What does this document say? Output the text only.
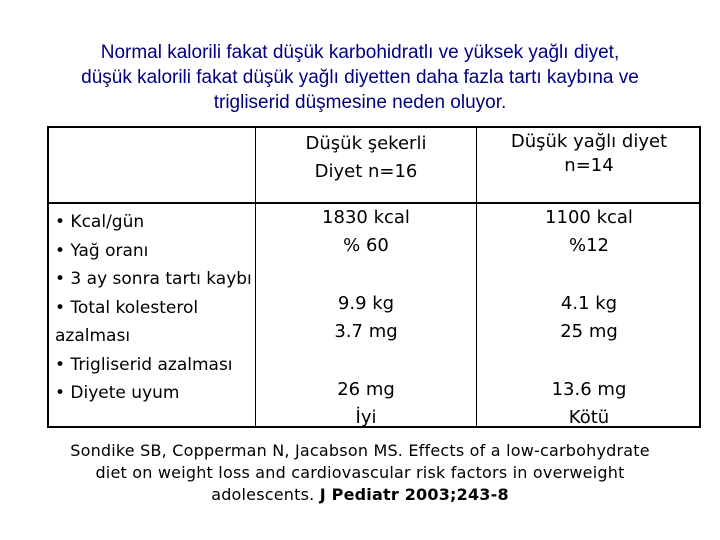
Normal kalorili fakat düşük karbohidratlı ve yüksek yağlı diyet,
düşük kalorili fakat düşük yağlı diyetten daha fazla tartı kaybına ve
trigliserid düşmesine neden oluyor.
Düşük şekerli
Diyet n=16
Düşük yağlı diyet
n=14
• Kcal/gün
• Yağ oranı
• 3 ay sonra tartı kaybı
• Total kolesterol azalması
• Trigliserid azalması
• Diyete uyum
1830 kcal
% 60
9.9 kg
3.7 mg
26 mg
İyi
1100 kcal
%12
4.1 kg
25 mg
13.6 mg
Kötü
Sondike SB, Copperman N, Jacabson MS. Effects of a low-carbohydrate
diet on weight loss and cardiovascular risk factors in overweight
adolescents. J Pediatr 2003;243-8
